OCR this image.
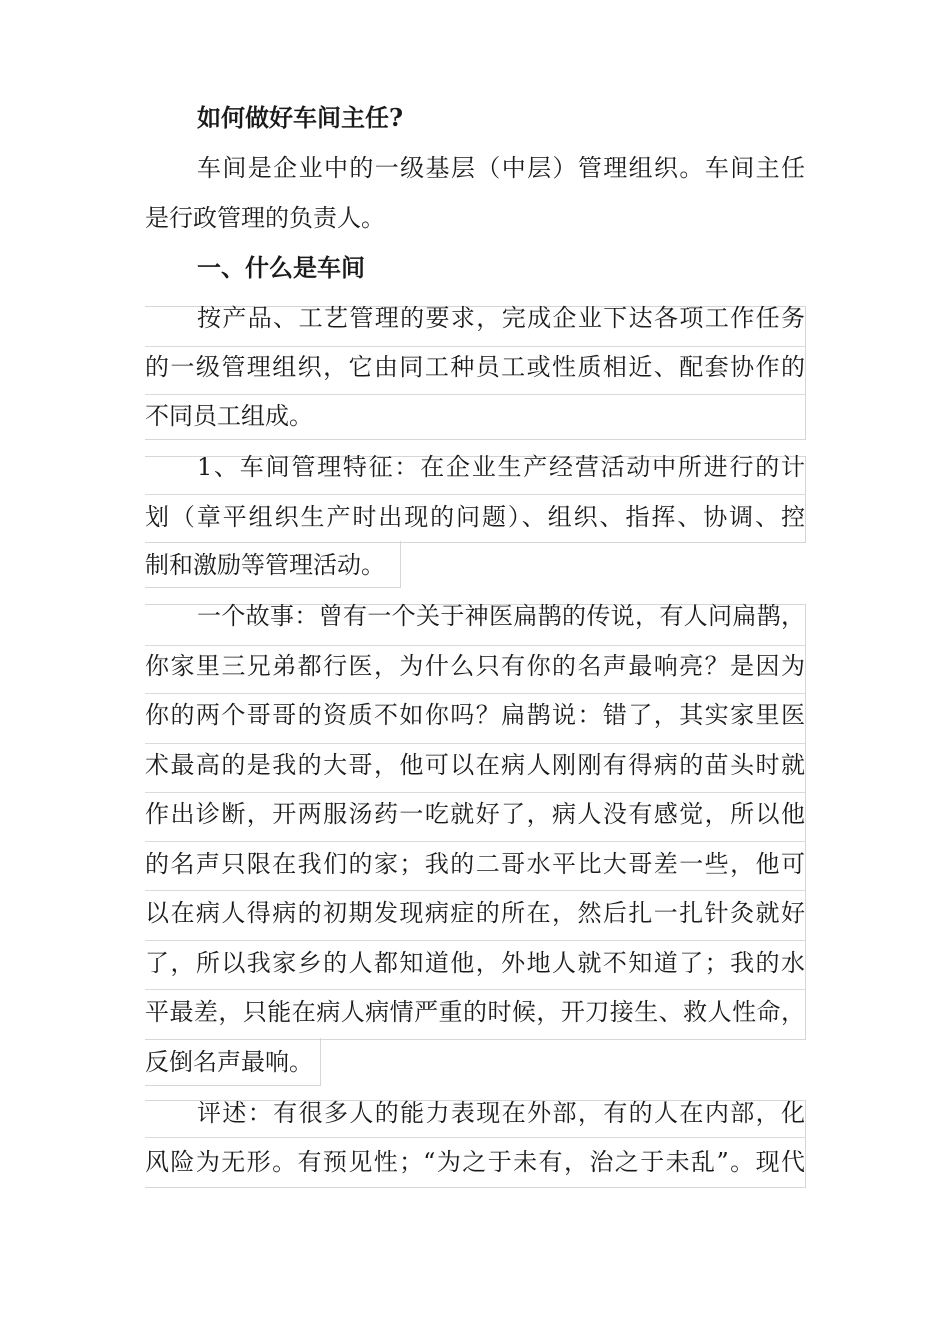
如何做好车间主任?
车间是企业中的一级基层（中层）管理组织。车间主任
是行政管理的负责人。
一、什么是车间
按产品、工艺管理的要求，完成企业下达各项工作任务
的一级管理组织，它由同工种员工或性质相近、配套协作的
不同员工组成。
1、车间管理特征：在企业生产经营活动中所进行的计
划（章平组织生产时出现的问题）、组织、指挥、协调、控
制和激励等管理活动。
一个故事：曾有一个关于神医扁鹊的传说，有人问扁鹊，
你家里三兄弟都行医，为什么只有你的名声最响亮？是因为
你的两个哥哥的资质不如你吗？扁鹊说：错了，其实家里医
术最高的是我的大哥，他可以在病人刚刚有得病的苗头时就
作出诊断，开两服汤药一吃就好了，病人没有感觉，所以他
的名声只限在我们的家；我的二哥水平比大哥差一些，他可
以在病人得病的初期发现病症的所在，然后扎一扎针灸就好
了，所以我家乡的人都知道他，外地人就不知道了；我的水
平最差，只能在病人病情严重的时候，开刀接生、救人性命，
反倒名声最响。
评述：有很多人的能力表现在外部，有的人在内部，化
风险为无形。有预见性；“为之于未有，治之于未乱”。现代
